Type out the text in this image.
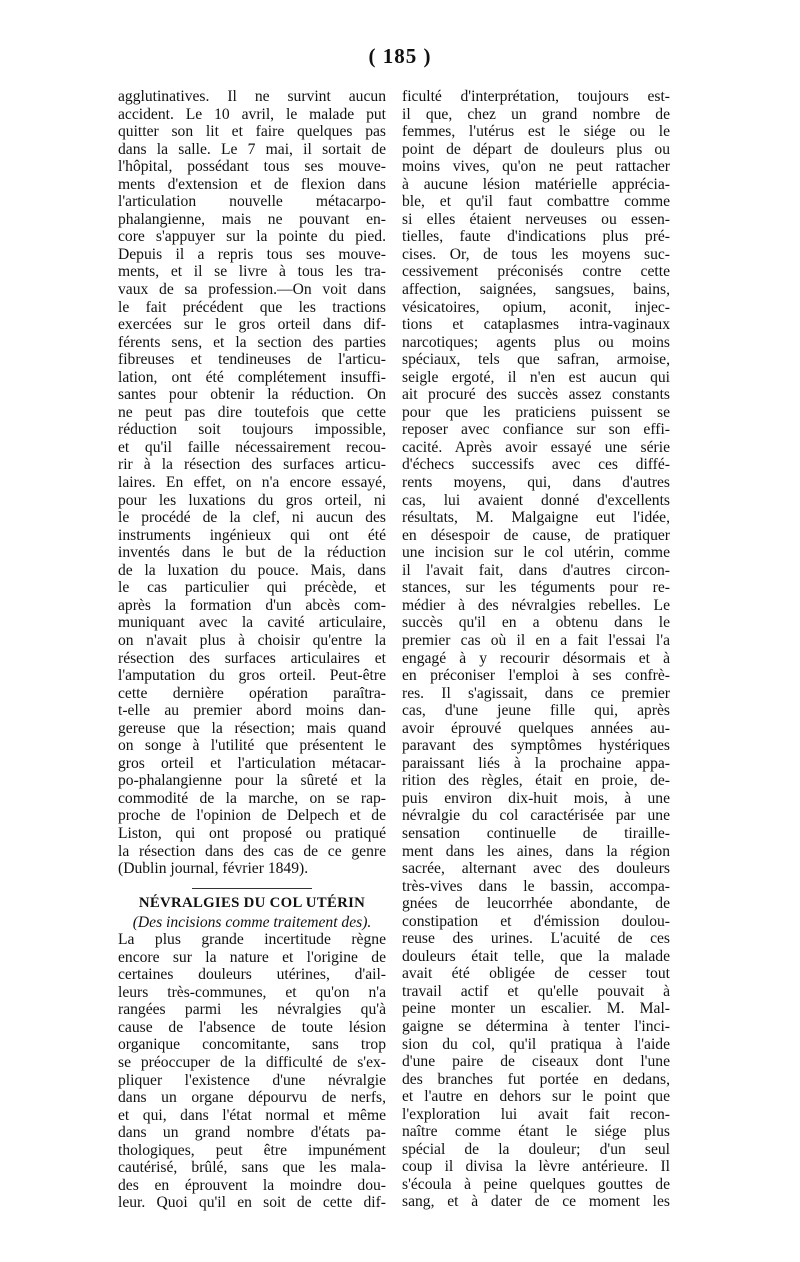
( 185 )
agglutinatives. Il ne survint aucun
accident. Le 10 avril, le malade put
quitter son lit et faire quelques pas
dans la salle. Le 7 mai, il sortait de
l'hôpital, possédant tous ses mouve-
ments d'extension et de flexion dans
l'articulation nouvelle métacarpo-
phalangienne, mais ne pouvant en-
core s'appuyer sur la pointe du pied.
Depuis il a repris tous ses mouve-
ments, et il se livre à tous les tra-
vaux de sa profession.—On voit dans
le fait précédent que les tractions
exercées sur le gros orteil dans dif-
férents sens, et la section des parties
fibreuses et tendineuses de l'articu-
lation, ont été complétement insuffi-
santes pour obtenir la réduction. On
ne peut pas dire toutefois que cette
réduction soit toujours impossible,
et qu'il faille nécessairement recou-
rir à la résection des surfaces articu-
laires. En effet, on n'a encore essayé,
pour les luxations du gros orteil, ni
le procédé de la clef, ni aucun des
instruments ingénieux qui ont été
inventés dans le but de la réduction
de la luxation du pouce. Mais, dans
le cas particulier qui précède, et
après la formation d'un abcès com-
muniquant avec la cavité articulaire,
on n'avait plus à choisir qu'entre la
résection des surfaces articulaires et
l'amputation du gros orteil. Peut-être
cette dernière opération paraîtra-
t-elle au premier abord moins dan-
gereuse que la résection; mais quand
on songe à l'utilité que présentent le
gros orteil et l'articulation métacar-
po-phalangienne pour la sûreté et la
commodité de la marche, on se rap-
proche de l'opinion de Delpech et de
Liston, qui ont proposé ou pratiqué
la résection dans des cas de ce genre
(Dublin journal, février 1849).
NÉVRALGIES DU COL UTÉRIN
(Des incisions comme traitement des).
La plus grande incertitude règne
encore sur la nature et l'origine de
certaines douleurs utérines, d'ail-
leurs très-communes, et qu'on n'a
rangées parmi les névralgies qu'à
cause de l'absence de toute lésion
organique concomitante, sans trop
se préoccuper de la difficulté de s'ex-
pliquer l'existence d'une névralgie
dans un organe dépourvu de nerfs,
et qui, dans l'état normal et même
dans un grand nombre d'états pa-
thologiques, peut être impunément
cautérisé, brûlé, sans que les mala-
des en éprouvent la moindre dou-
leur. Quoi qu'il en soit de cette dif-
ficulté d'interprétation, toujours est-
il que, chez un grand nombre de
femmes, l'utérus est le siége ou le
point de départ de douleurs plus ou
moins vives, qu'on ne peut rattacher
à aucune lésion matérielle apprécia-
ble, et qu'il faut combattre comme
si elles étaient nerveuses ou essen-
tielles, faute d'indications plus pré-
cises. Or, de tous les moyens suc-
cessivement préconisés contre cette
affection, saignées, sangsues, bains,
vésicatoires, opium, aconit, injec-
tions et cataplasmes intra-vaginaux
narcotiques; agents plus ou moins
spéciaux, tels que safran, armoise,
seigle ergoté, il n'en est aucun qui
ait procuré des succès assez constants
pour que les praticiens puissent se
reposer avec confiance sur son effi-
cacité. Après avoir essayé une série
d'échecs successifs avec ces diffé-
rents moyens, qui, dans d'autres
cas, lui avaient donné d'excellents
résultats, M. Malgaigne eut l'idée,
en désespoir de cause, de pratiquer
une incision sur le col utérin, comme
il l'avait fait, dans d'autres circon-
stances, sur les téguments pour re-
médier à des névralgies rebelles. Le
succès qu'il en a obtenu dans le
premier cas où il en a fait l'essai l'a
engagé à y recourir désormais et à
en préconiser l'emploi à ses confrè-
res. Il s'agissait, dans ce premier
cas, d'une jeune fille qui, après
avoir éprouvé quelques années au-
paravant des symptômes hystériques
paraissant liés à la prochaine appa-
rition des règles, était en proie, de-
puis environ dix-huit mois, à une
névralgie du col caractérisée par une
sensation continuelle de tiraille-
ment dans les aines, dans la région
sacrée, alternant avec des douleurs
très-vives dans le bassin, accompa-
gnées de leucorrhée abondante, de
constipation et d'émission doulou-
reuse des urines. L'acuité de ces
douleurs était telle, que la malade
avait été obligée de cesser tout
travail actif et qu'elle pouvait à
peine monter un escalier. M. Mal-
gaigne se détermina à tenter l'inci-
sion du col, qu'il pratiqua à l'aide
d'une paire de ciseaux dont l'une
des branches fut portée en dedans,
et l'autre en dehors sur le point que
l'exploration lui avait fait recon-
naître comme étant le siége plus
spécial de la douleur; d'un seul
coup il divisa la lèvre antérieure. Il
s'écoula à peine quelques gouttes de
sang, et à dater de ce moment les
